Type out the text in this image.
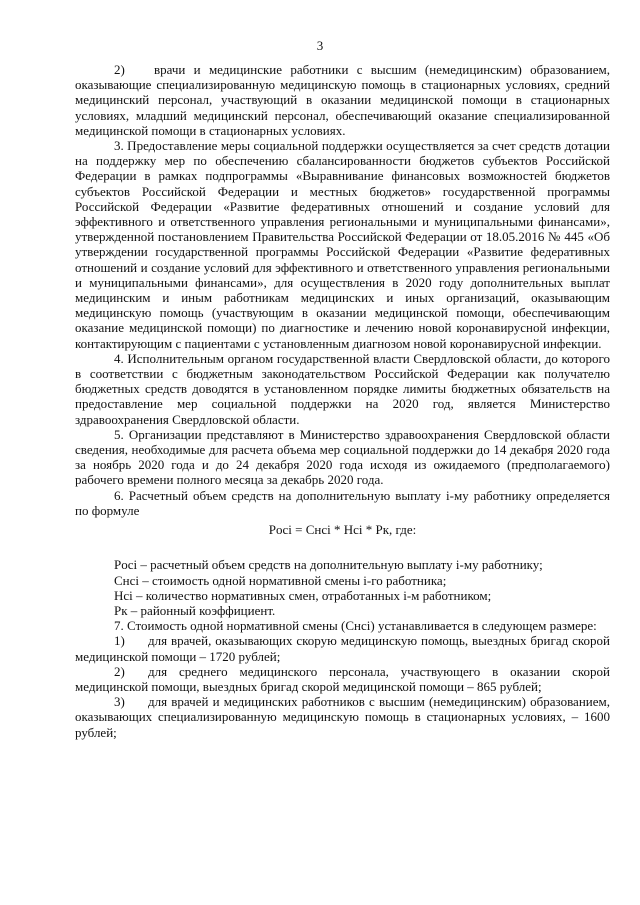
3

2) врачи и медицинские работники с высшим (немедицинским) образованием, оказывающие специализированную медицинскую помощь в стационарных условиях, средний медицинский персонал, участвующий в оказании медицинской помощи в стационарных условиях, младший медицинский персонал, обеспечивающий оказание специализированной медицинской помощи в стационарных условиях.

3. Предоставление меры социальной поддержки осуществляется за счет средств дотации на поддержку мер по обеспечению сбалансированности бюджетов субъектов Российской Федерации в рамках подпрограммы «Выравнивание финансовых возможностей бюджетов субъектов Российской Федерации и местных бюджетов» государственной программы Российской Федерации «Развитие федеративных отношений и создание условий для эффективного и ответственного управления региональными и муниципальными финансами», утвержденной постановлением Правительства Российской Федерации от 18.05.2016 № 445 «Об утверждении государственной программы Российской Федерации «Развитие федеративных отношений и создание условий для эффективного и ответственного управления региональными и муниципальными финансами», для осуществления в 2020 году дополнительных выплат медицинским и иным работникам медицинских и иных организаций, оказывающим медицинскую помощь (участвующим в оказании медицинской помощи, обеспечивающим оказание медицинской помощи) по диагностике и лечению новой коронавирусной инфекции, контактирующим с пациентами с установленным диагнозом новой коронавирусной инфекции.

4. Исполнительным органом государственной власти Свердловской области, до которого в соответствии с бюджетным законодательством Российской Федерации как получателю бюджетных средств доводятся в установленном порядке лимиты бюджетных обязательств на предоставление мер социальной поддержки на 2020 год, является Министерство здравоохранения Свердловской области.

5. Организации представляют в Министерство здравоохранения Свердловской области сведения, необходимые для расчета объема мер социальной поддержки до 14 декабря 2020 года за ноябрь 2020 года и до 24 декабря 2020 года исходя из ожидаемого (предполагаемого) рабочего времени полного месяца за декабрь 2020 года.

6. Расчетный объем средств на дополнительную выплату i-му работнику определяется по формуле

Рocі = Снсі * Нсі * Рк, где:

Рocі – расчетный объем средств на дополнительную выплату і-му работнику;

Снсі – стоимость одной нормативной смены і-го работника;

Нсі – количество нормативных смен, отработанных і-м работником;

Рк – районный коэффициент.

7. Стоимость одной нормативной смены (Снсі) устанавливается в следующем размере:

1) для врачей, оказывающих скорую медицинскую помощь, выездных бригад скорой медицинской помощи – 1720 рублей;

2) для среднего медицинского персонала, участвующего в оказании скорой медицинской помощи, выездных бригад скорой медицинской помощи – 865 рублей;

3) для врачей и медицинских работников с высшим (немедицинским) образованием, оказывающих специализированную медицинскую помощь в стационарных условиях, – 1600 рублей;
